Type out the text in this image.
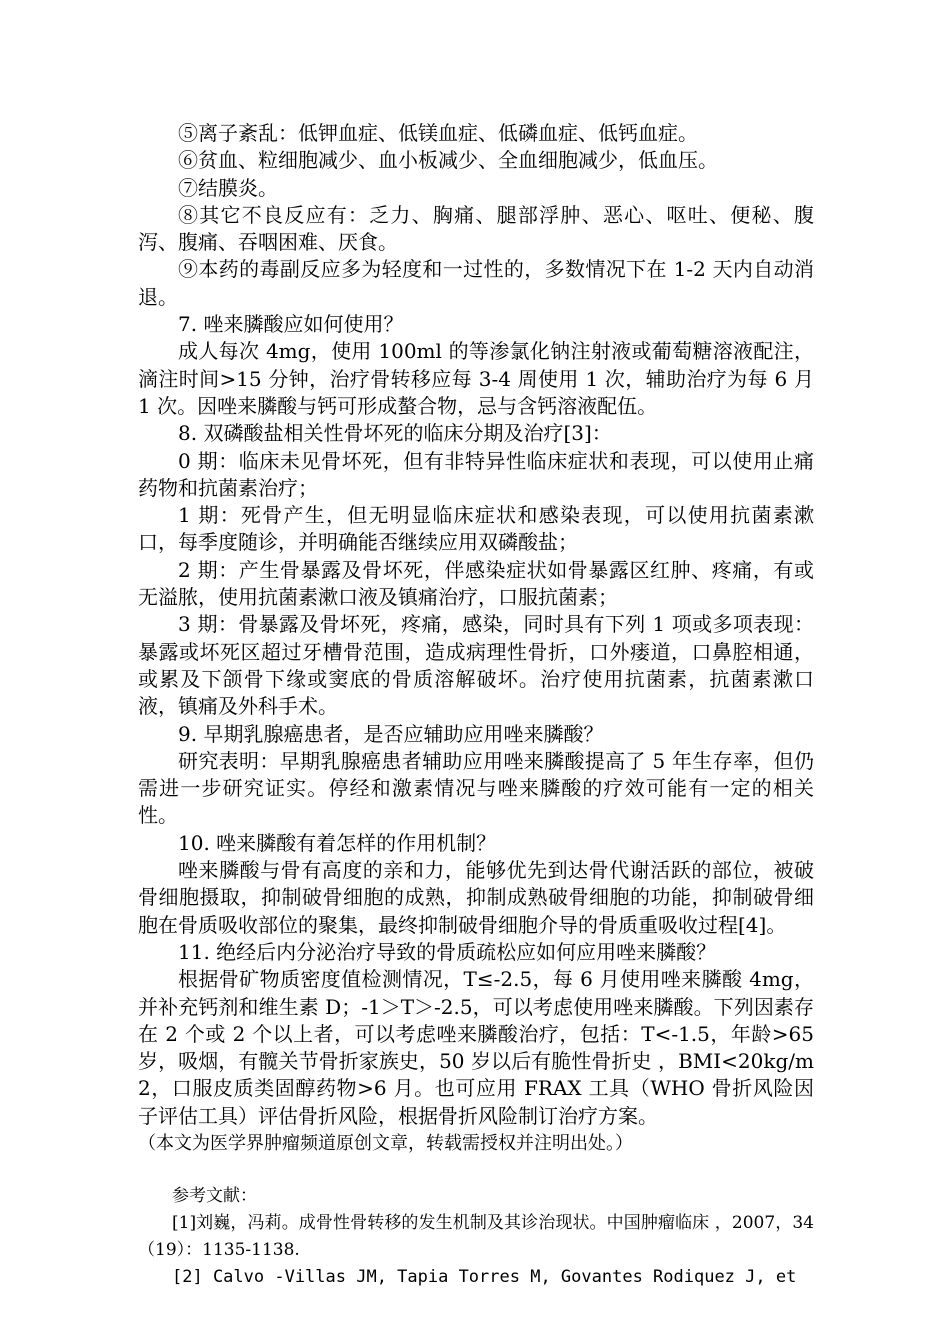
⑤离子紊乱：低钾血症、低镁血症、低磷血症、低钙血症。

⑥贫血、粒细胞减少、血小板减少、全血细胞减少，低血压。

⑦结膜炎。

⑧其它不良反应有：乏力、胸痛、腿部浮肿、恶心、呕吐、便秘、腹泻、腹痛、吞咽困难、厌食。

⑨本药的毒副反应多为轻度和一过性的，多数情况下在 1-2 天内自动消退。

7. 唑来膦酸应如何使用？

成人每次 4mg，使用 100ml 的等渗氯化钠注射液或葡萄糖溶液配注，滴注时间>15 分钟，治疗骨转移应每 3-4 周使用 1 次，辅助治疗为每 6 月 1 次。因唑来膦酸与钙可形成螯合物，忌与含钙溶液配伍。

8. 双磷酸盐相关性骨坏死的临床分期及治疗[3]：

0 期：临床未见骨坏死，但有非特异性临床症状和表现，可以使用止痛药物和抗菌素治疗；

1 期：死骨产生，但无明显临床症状和感染表现，可以使用抗菌素漱口，每季度随诊，并明确能否继续应用双磷酸盐；

2 期：产生骨暴露及骨坏死，伴感染症状如骨暴露区红肿、疼痛，有或无溢脓，使用抗菌素漱口液及镇痛治疗，口服抗菌素；

3 期：骨暴露及骨坏死，疼痛，感染，同时具有下列 1 项或多项表现：暴露或坏死区超过牙槽骨范围，造成病理性骨折，口外瘘道，口鼻腔相通，或累及下颌骨下缘或窦底的骨质溶解破坏。治疗使用抗菌素，抗菌素漱口液，镇痛及外科手术。

9. 早期乳腺癌患者，是否应辅助应用唑来膦酸？

研究表明：早期乳腺癌患者辅助应用唑来膦酸提高了 5 年生存率，但仍需进一步研究证实。停经和激素情况与唑来膦酸的疗效可能有一定的相关性。

10. 唑来膦酸有着怎样的作用机制？

唑来膦酸与骨有高度的亲和力，能够优先到达骨代谢活跃的部位，被破骨细胞摄取，抑制破骨细胞的成熟，抑制成熟破骨细胞的功能，抑制破骨细胞在骨质吸收部位的聚集，最终抑制破骨细胞介导的骨质重吸收过程[4]。

11. 绝经后内分泌治疗导致的骨质疏松应如何应用唑来膦酸？

根据骨矿物质密度值检测情况，T≤-2.5，每 6 月使用唑来膦酸 4mg，并补充钙剂和维生素 D；-1＞T＞-2.5，可以考虑使用唑来膦酸。下列因素存在 2 个或 2 个以上者，可以考虑唑来膦酸治疗，包括：T<-1.5，年龄>65 岁，吸烟，有髋关节骨折家族史，50 岁以后有脆性骨折史 ，BMI<20kg/m2，口服皮质类固醇药物>6 月。也可应用 FRAX 工具（WHO 骨折风险因子评估工具）评估骨折风险，根据骨折风险制订治疗方案。

（本文为医学界肿瘤频道原创文章，转载需授权并注明出处。）

参考文献：

[1]刘巍，冯莉。成骨性骨转移的发生机制及其诊治现状。中国肿瘤临床 ，2007，34（19）：1135-1138.

[2] Calvo -Villas JM, Tapia Torres M, Govantes Rodiquez J, et
